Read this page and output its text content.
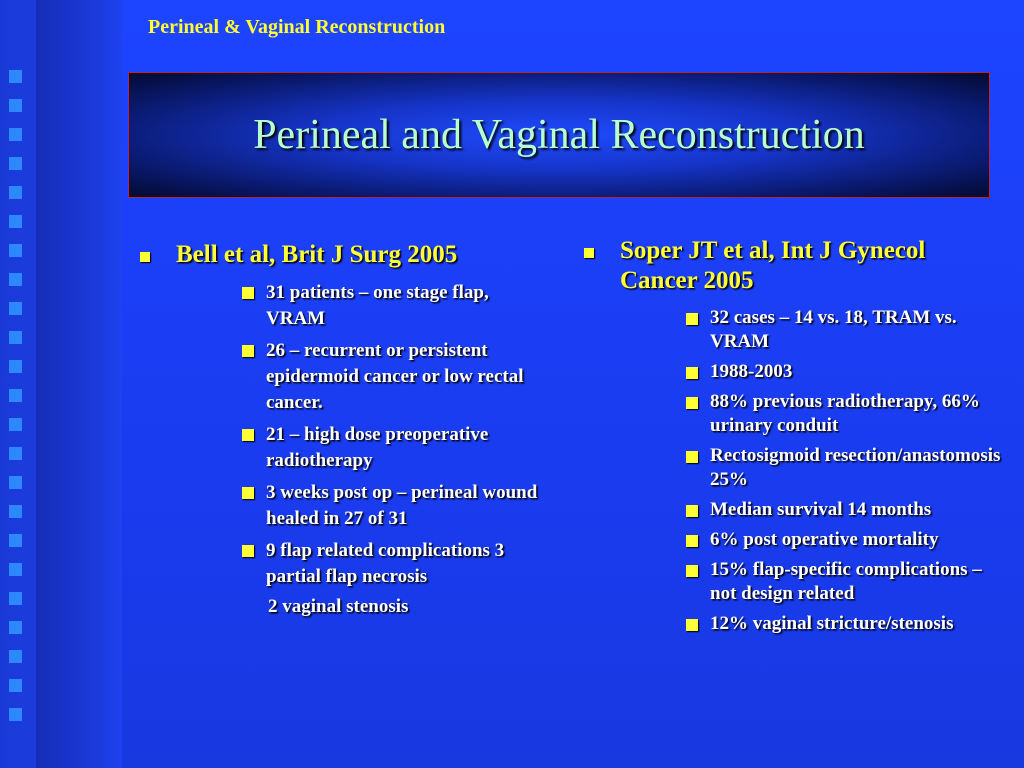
Perineal & Vaginal Reconstruction
Perineal and Vaginal Reconstruction
Bell et al, Brit J Surg 2005
31 patients – one stage flap, VRAM
26 – recurrent or persistent epidermoid cancer or low rectal cancer.
21 – high dose preoperative radiotherapy
3 weeks post op – perineal wound healed in 27 of 31
9 flap related complications 3 partial flap necrosis
2 vaginal stenosis
Soper JT et al, Int J Gynecol Cancer 2005
32 cases – 14 vs. 18, TRAM vs. VRAM
1988-2003
88% previous radiotherapy, 66% urinary conduit
Rectosigmoid resection/anastomosis 25%
Median survival 14 months
6% post operative mortality
15% flap-specific complications – not design related
12% vaginal stricture/stenosis
